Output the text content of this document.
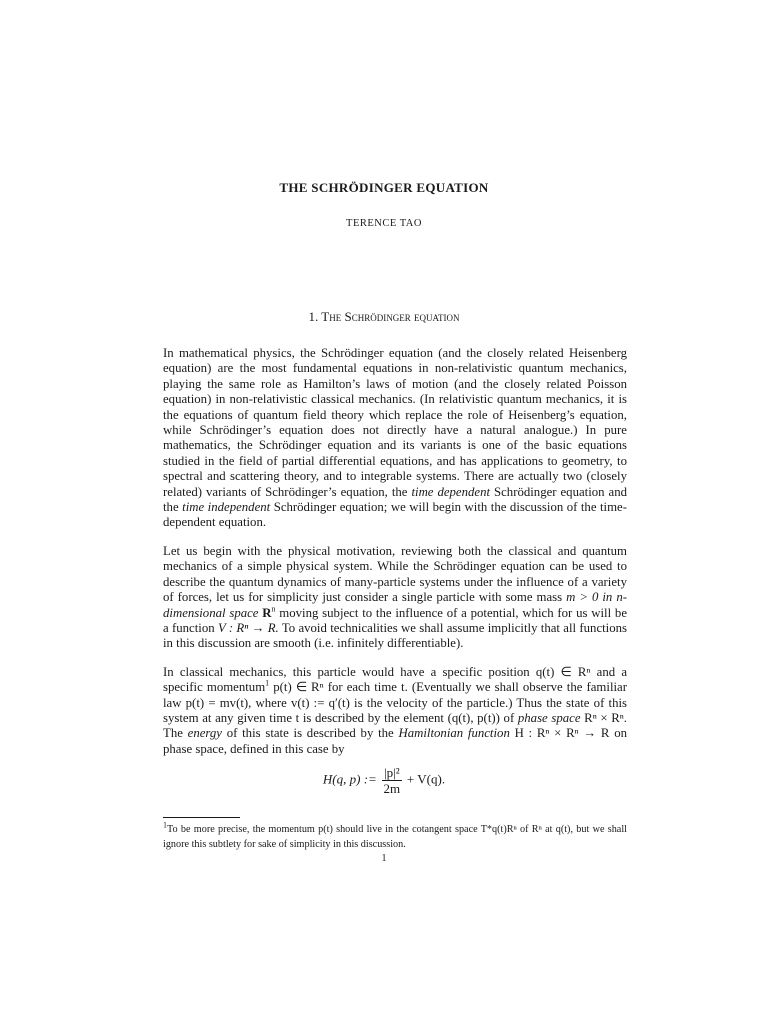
THE SCHRÖDINGER EQUATION
TERENCE TAO
1. The Schrödinger equation

In mathematical physics, the Schrödinger equation (and the closely related Heisenberg equation) are the most fundamental equations in non-relativistic quantum mechanics, playing the same role as Hamilton’s laws of motion (and the closely related Poisson equation) in non-relativistic classical mechanics. (In relativistic quantum mechanics, it is the equations of quantum field theory which replace the role of Heisenberg’s equation, while Schrödinger’s equation does not directly have a natural analogue.) In pure mathematics, the Schrödinger equation and its variants is one of the basic equations studied in the field of partial differential equations, and has applications to geometry, to spectral and scattering theory, and to integrable systems. There are actually two (closely related) variants of Schrödinger’s equation, the time dependent Schrödinger equation and the time independent Schrödinger equation; we will begin with the discussion of the time-dependent equation.

Let us begin with the physical motivation, reviewing both the classical and quantum mechanics of a simple physical system. While the Schrödinger equation can be used to describe the quantum dynamics of many-particle systems under the influence of a variety of forces, let us for simplicity just consider a single particle with some mass m > 0 in n-dimensional space $R^n$ moving subject to the influence of a potential, which for us will be a function V : Rⁿ → R. To avoid technicalities we shall assume implicitly that all functions in this discussion are smooth (i.e. infinitely differentiable).

In classical mechanics, this particle would have a specific position q(t) ∈ Rⁿ and a specific momentum$^1$ p(t) ∈ Rⁿ for each time t. (Eventually we shall observe the familiar law p(t) = mv(t), where v(t) := q′(t) is the velocity of the particle.) Thus the state of this system at any given time t is described by the element (q(t), p(t)) of phase space Rⁿ × Rⁿ. The energy of this state is described by the Hamiltonian function H : Rⁿ × Rⁿ → R on phase space, defined in this case by

H(q, p) := $\frac{\text{|p|²}}{2m} + V(q)$.
$^1$To be more precise, the momentum p(t) should live in the cotangent space T*q(t)Rⁿ of Rⁿ at q(t), but we shall ignore this subtlety for sake of simplicity in this discussion.
1
